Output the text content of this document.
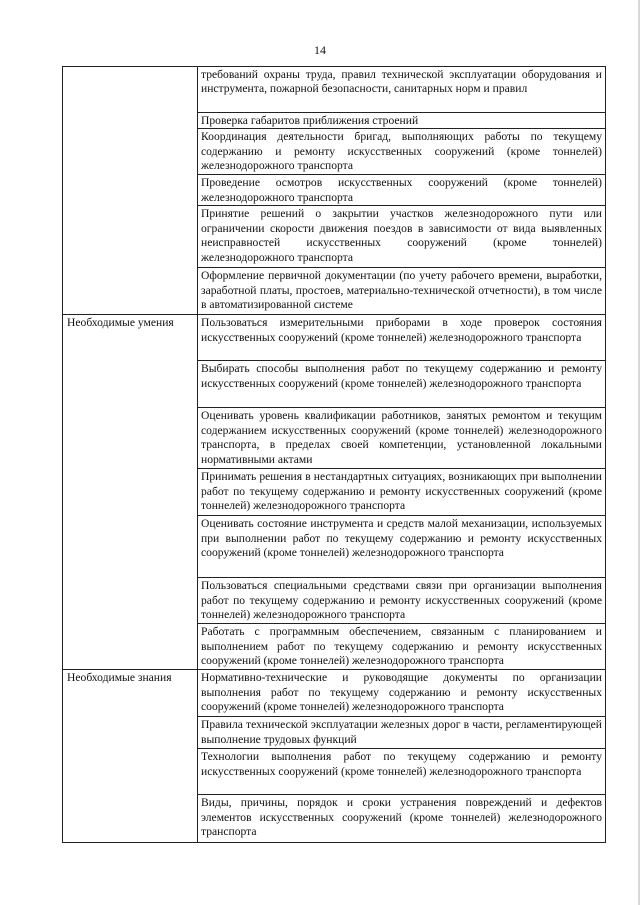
14
	требований охраны труда, правил технической эксплуатации оборудования и инструмента, пожарной безопасности, санитарных норм и правил
	Проверка габаритов приближения строений
	Координация деятельности бригад, выполняющих работы по текущему содержанию и ремонту искусственных сооружений (кроме тоннелей) железнодорожного транспорта
	Проведение осмотров искусственных сооружений (кроме тоннелей) железнодорожного транспорта
	Принятие решений о закрытии участков железнодорожного пути или ограничении скорости движения поездов в зависимости от вида выявленных неисправностей искусственных сооружений (кроме тоннелей) железнодорожного транспорта
	Оформление первичной документации (по учету рабочего времени, выработки, заработной платы, простоев, материально-технической отчетности), в том числе в автоматизированной системе
Необходимые умения	Пользоваться измерительными приборами в ходе проверок состояния искусственных сооружений (кроме тоннелей) железнодорожного транспорта
	Выбирать способы выполнения работ по текущему содержанию и ремонту искусственных сооружений (кроме тоннелей) железнодорожного транспорта
	Оценивать уровень квалификации работников, занятых ремонтом и текущим содержанием искусственных сооружений (кроме тоннелей) железнодорожного транспорта, в пределах своей компетенции, установленной локальными нормативными актами
	Принимать решения в нестандартных ситуациях, возникающих при выполнении работ по текущему содержанию и ремонту искусственных сооружений (кроме тоннелей) железнодорожного транспорта
	Оценивать состояние инструмента и средств малой механизации, используемых при выполнении работ по текущему содержанию и ремонту искусственных сооружений (кроме тоннелей) железнодорожного транспорта
	Пользоваться специальными средствами связи при организации выполнения работ по текущему содержанию и ремонту искусственных сооружений (кроме тоннелей) железнодорожного транспорта
	Работать с программным обеспечением, связанным с планированием и выполнением работ по текущему содержанию и ремонту искусственных сооружений (кроме тоннелей) железнодорожного транспорта
Необходимые знания	Нормативно-технические и руководящие документы по организации выполнения работ по текущему содержанию и ремонту искусственных сооружений (кроме тоннелей) железнодорожного транспорта
	Правила технической эксплуатации железных дорог в части, регламентирующей выполнение трудовых функций
	Технологии выполнения работ по текущему содержанию и ремонту искусственных сооружений (кроме тоннелей) железнодорожного транспорта
	Виды, причины, порядок и сроки устранения повреждений и дефектов элементов искусственных сооружений (кроме тоннелей) железнодорожного транспорта
